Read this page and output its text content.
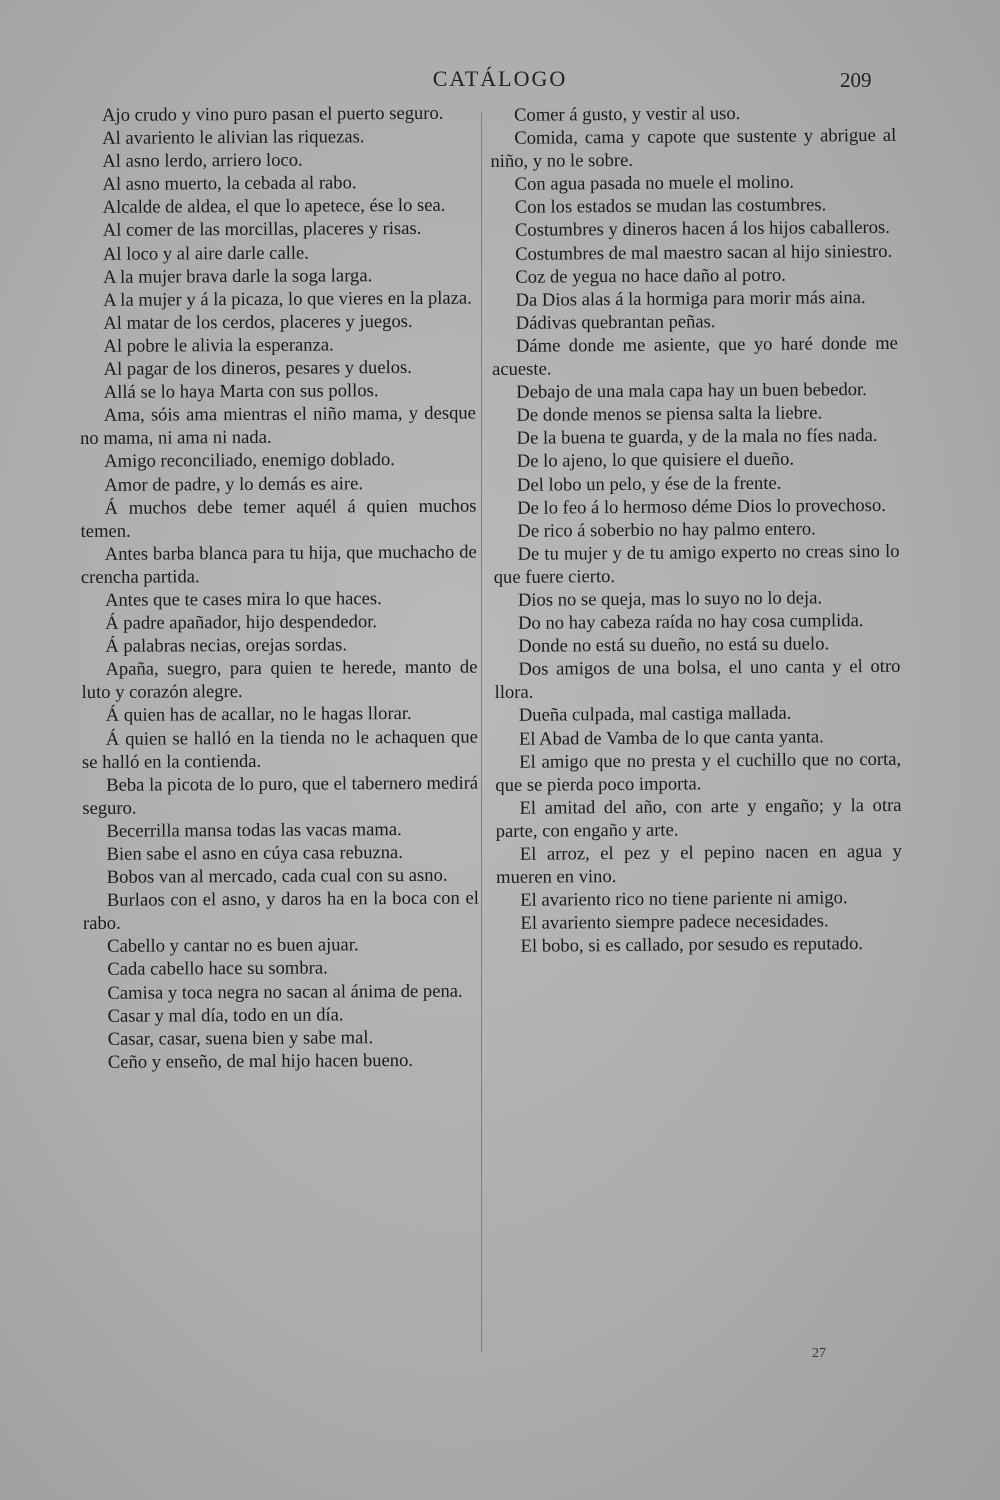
CATÁLOGO	209

Ajo crudo y vino puro pasan el puerto seguro.

Al avariento le alivian las riquezas.

Al asno lerdo, arriero loco.

Al asno muerto, la cebada al rabo.

Alcalde de aldea, el que lo apetece, ése lo sea.

Al comer de las morcillas, placeres y risas.

Al loco y al aire darle calle.

A la mujer brava darle la soga larga.

A la mujer y á la picaza, lo que vieres en la plaza.

Al matar de los cerdos, placeres y juegos.

Al pobre le alivia la esperanza.

Al pagar de los dineros, pesares y duelos.

Allá se lo haya Marta con sus pollos.

Ama, sóis ama mientras el niño mama, y desque no mama, ni ama ni nada.

Amigo reconciliado, enemigo doblado.

Amor de padre, y lo demás es aire.

Á muchos debe temer aquél á quien muchos temen.

Antes barba blanca para tu hija, que muchacho de crencha partida.

Antes que te cases mira lo que haces.

Á padre apañador, hijo despendedor.

Á palabras necias, orejas sordas.

Apaña, suegro, para quien te herede, manto de luto y corazón alegre.

Á quien has de acallar, no le hagas llorar.

Á quien se halló en la tienda no le achaquen que se halló en la contienda.

Beba la picota de lo puro, que el tabernero medirá seguro.

Becerrilla mansa todas las vacas mama.

Bien sabe el asno en cúya casa rebuzna.

Bobos van al mercado, cada cual con su asno.

Burlaos con el asno, y daros ha en la boca con el rabo.

Cabello y cantar no es buen ajuar.

Cada cabello hace su sombra.

Camisa y toca negra no sacan al ánima de pena.

Casar y mal día, todo en un día.

Casar, casar, suena bien y sabe mal.

Ceño y enseño, de mal hijo hacen bueno.

Comer á gusto, y vestir al uso.

Comida, cama y capote que sustente y abrigue al niño, y no le sobre.

Con agua pasada no muele el molino.

Con los estados se mudan las costumbres.

Costumbres y dineros hacen á los hijos caballeros.

Costumbres de mal maestro sacan al hijo siniestro.

Coz de yegua no hace daño al potro.

Da Dios alas á la hormiga para morir más aina.

Dádivas quebrantan peñas.

Dáme donde me asiente, que yo haré donde me acueste.

Debajo de una mala capa hay un buen bebedor.

De donde menos se piensa salta la liebre.

De la buena te guarda, y de la mala no fíes nada.

De lo ajeno, lo que quisiere el dueño.

Del lobo un pelo, y ése de la frente.

De lo feo á lo hermoso déme Dios lo provechoso.

De rico á soberbio no hay palmo entero.

De tu mujer y de tu amigo experto no creas sino lo que fuere cierto.

Dios no se queja, mas lo suyo no lo deja.

Do no hay cabeza raída no hay cosa cumplida.

Donde no está su dueño, no está su duelo.

Dos amigos de una bolsa, el uno canta y el otro llora.

Dueña culpada, mal castiga mallada.

El Abad de Vamba de lo que canta yanta.

El amigo que no presta y el cuchillo que no corta, que se pierda poco importa.

El amitad del año, con arte y engaño; y la otra parte, con engaño y arte.

El arroz, el pez y el pepino nacen en agua y mueren en vino.

El avariento rico no tiene pariente ni amigo.

El avariento siempre padece necesidades.

El bobo, si es callado, por sesudo es reputado.

27
